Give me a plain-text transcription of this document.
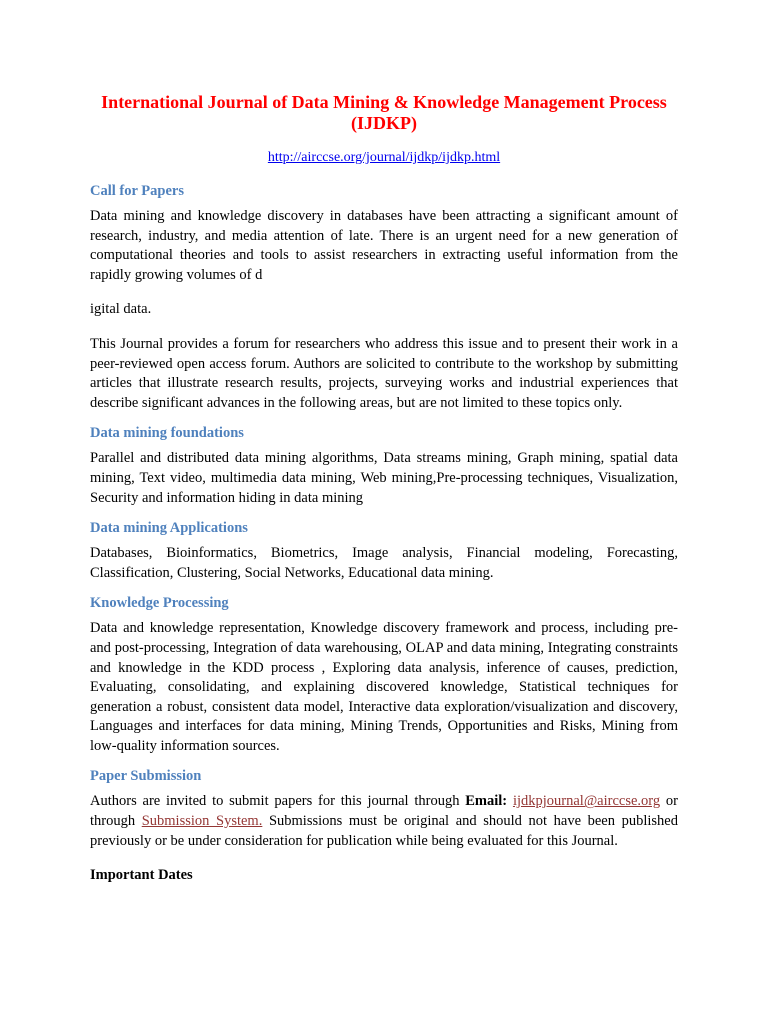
International Journal of Data Mining & Knowledge Management Process
(IJDKP)

http://airccse.org/journal/ijdkp/ijdkp.html

Call for Papers

Data mining and knowledge discovery in databases have been attracting a significant amount of research, industry, and media attention of late. There is an urgent need for a new generation of computational theories and tools to assist researchers in extracting useful information from the rapidly growing volumes of d

igital data.

This Journal provides a forum for researchers who address this issue and to present their work in a peer-reviewed open access forum. Authors are solicited to contribute to the workshop by submitting articles that illustrate research results, projects, surveying works and industrial experiences that describe significant advances in the following areas, but are not limited to these topics only.

Data mining foundations

Parallel and distributed data mining algorithms, Data streams mining, Graph mining, spatial data mining, Text video, multimedia data mining, Web mining,Pre-processing techniques, Visualization, Security and information hiding in data mining

Data mining Applications

Databases, Bioinformatics, Biometrics, Image analysis, Financial modeling, Forecasting, Classification, Clustering, Social Networks, Educational data mining.

Knowledge Processing

Data and knowledge representation, Knowledge discovery framework and process, including pre- and post-processing, Integration of data warehousing, OLAP and data mining, Integrating constraints and knowledge in the KDD process , Exploring data analysis, inference of causes, prediction, Evaluating, consolidating, and explaining discovered knowledge, Statistical techniques for generation a robust, consistent data model, Interactive data exploration/visualization and discovery, Languages and interfaces for data mining, Mining Trends, Opportunities and Risks, Mining from low-quality information sources.

Paper Submission

Authors are invited to submit papers for this journal through Email: ijdkpjournal@airccse.org or through Submission System. Submissions must be original and should not have been published previously or be under consideration for publication while being evaluated for this Journal.

Important Dates
